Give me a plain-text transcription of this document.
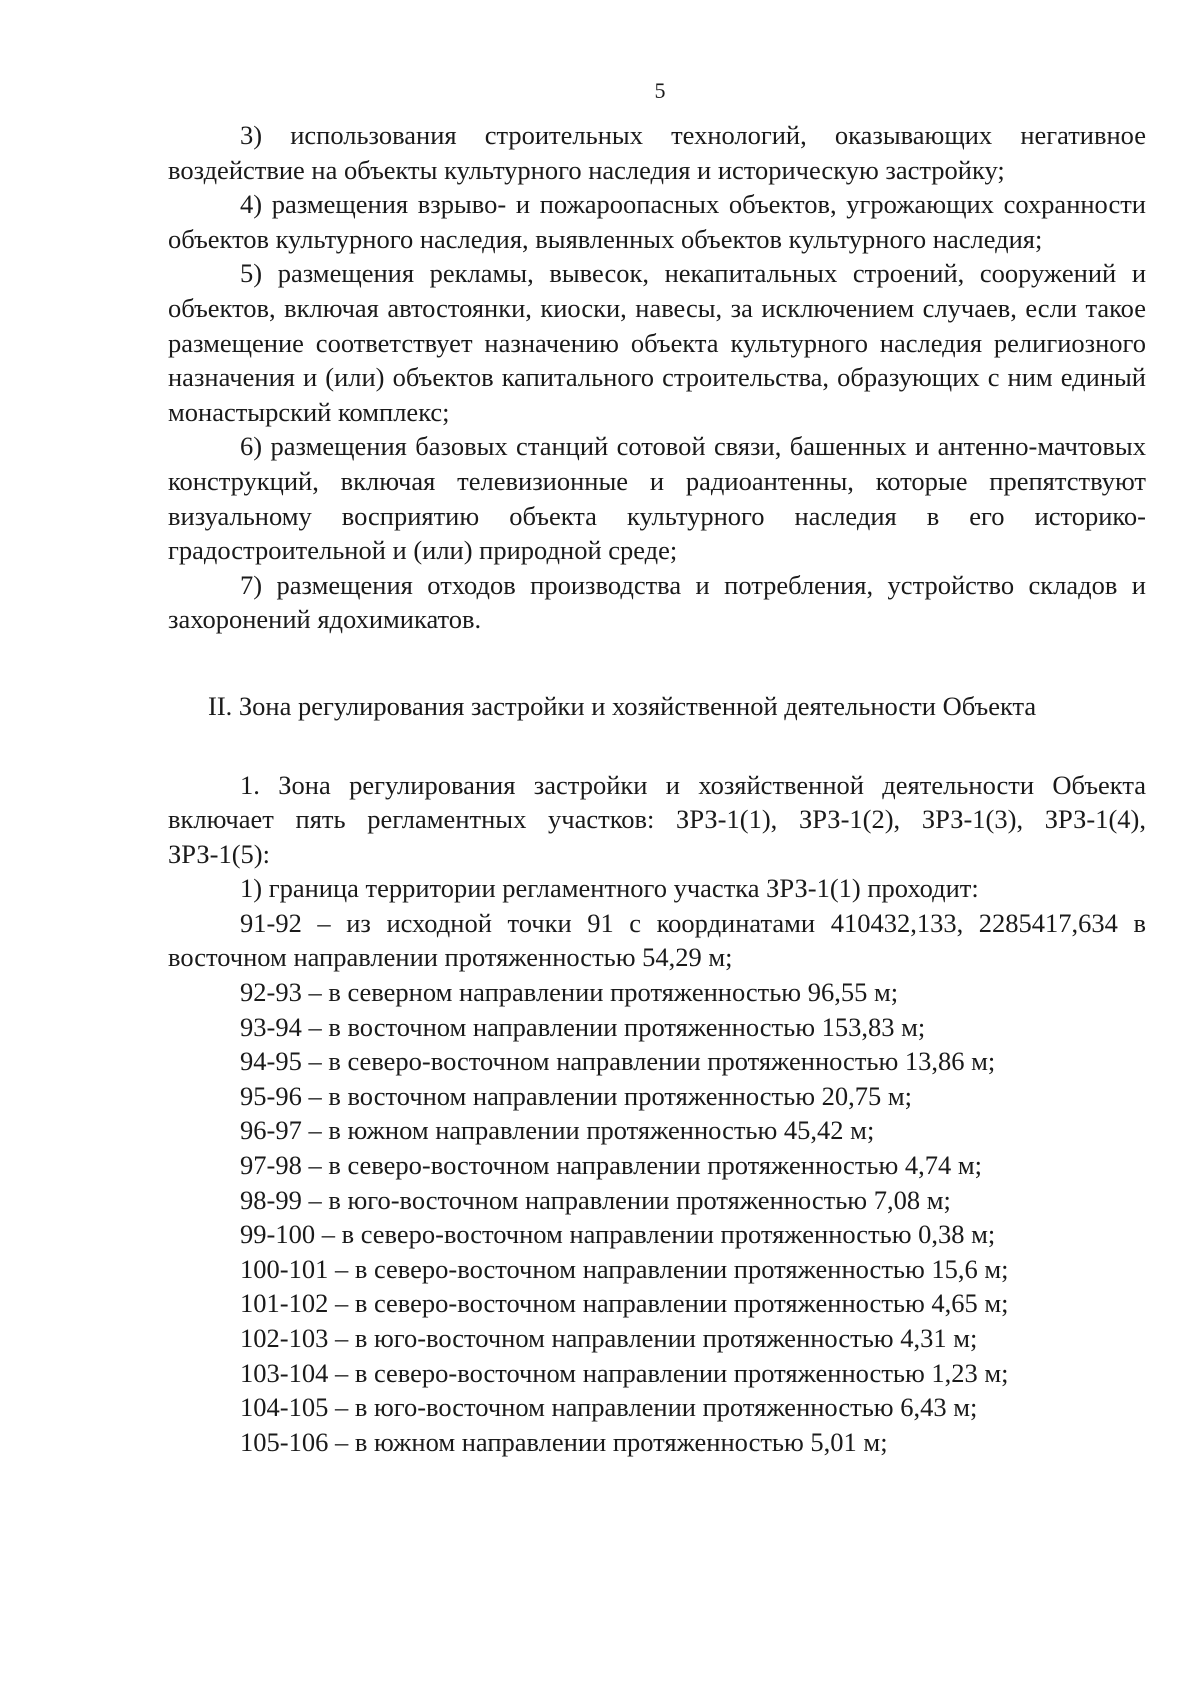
5

3) использования строительных технологий, оказывающих негативное воздействие на объекты культурного наследия и историческую застройку;

4) размещения взрыво- и пожароопасных объектов, угрожающих сохранности объектов культурного наследия, выявленных объектов культурного наследия;

5) размещения рекламы, вывесок, некапитальных строений, сооружений и объектов, включая автостоянки, киоски, навесы, за исключением случаев, если такое размещение соответствует назначению объекта культурного наследия религиозного назначения и (или) объектов капитального строительства, образующих с ним единый монастырский комплекс;

6) размещения базовых станций сотовой связи, башенных и антенно-мачтовых конструкций, включая телевизионные и радиоантенны, которые препятствуют визуальному восприятию объекта культурного наследия в его историко- градостроительной и (или) природной среде;

7) размещения отходов производства и потребления, устройство складов и захоронений ядохимикатов.

II. Зона регулирования застройки и хозяйственной деятельности Объекта

1. Зона регулирования застройки и хозяйственной деятельности Объекта включает пять регламентных участков: ЗРЗ-1(1), ЗРЗ-1(2), ЗРЗ-1(3), ЗРЗ-1(4), ЗРЗ-1(5):

1) граница территории регламентного участка ЗРЗ-1(1) проходит:

91-92 – из исходной точки 91 с координатами 410432,133, 2285417,634 в восточном направлении протяженностью 54,29 м;

92-93 – в северном направлении протяженностью 96,55 м;

93-94 – в восточном направлении протяженностью 153,83 м;

94-95 – в северо-восточном направлении протяженностью 13,86 м;

95-96 – в восточном направлении протяженностью 20,75 м;

96-97 – в южном направлении протяженностью 45,42 м;

97-98 – в северо-восточном направлении протяженностью 4,74 м;

98-99 – в юго-восточном направлении протяженностью 7,08 м;

99-100 – в северо-восточном направлении протяженностью 0,38 м;

100-101 – в северо-восточном направлении протяженностью 15,6 м;

101-102 – в северо-восточном направлении протяженностью 4,65 м;

102-103 – в юго-восточном направлении протяженностью 4,31 м;

103-104 – в северо-восточном направлении протяженностью 1,23 м;

104-105 – в юго-восточном направлении протяженностью 6,43 м;

105-106 – в южном направлении протяженностью 5,01 м;
